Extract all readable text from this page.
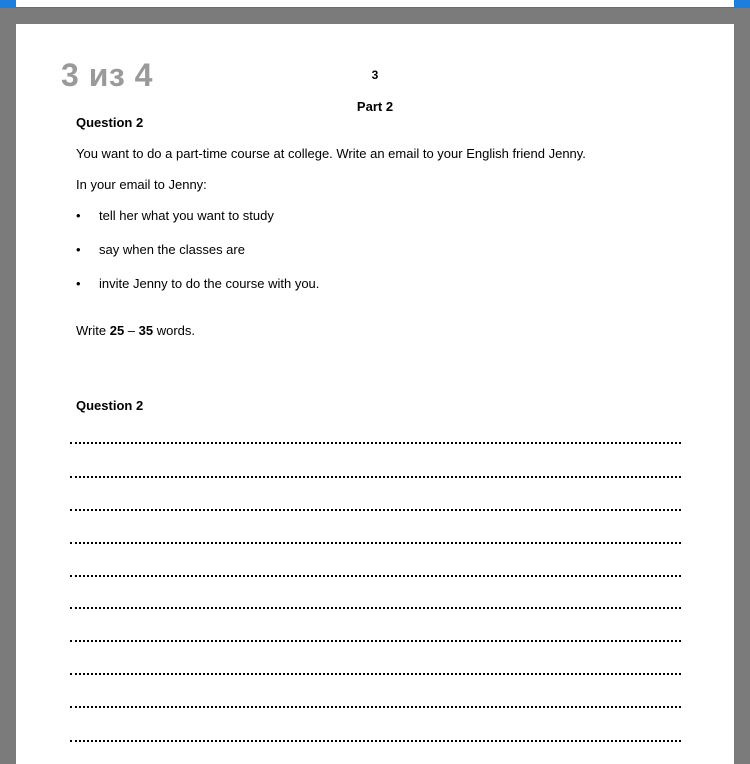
3 из 4	3
Part 2
Question 2
You want to do a part-time course at college. Write an email to your English friend Jenny.
In your email to Jenny:
• tell her what you want to study
• say when the classes are
• invite Jenny to do the course with you.
Write 25 – 35 words.
Question 2
